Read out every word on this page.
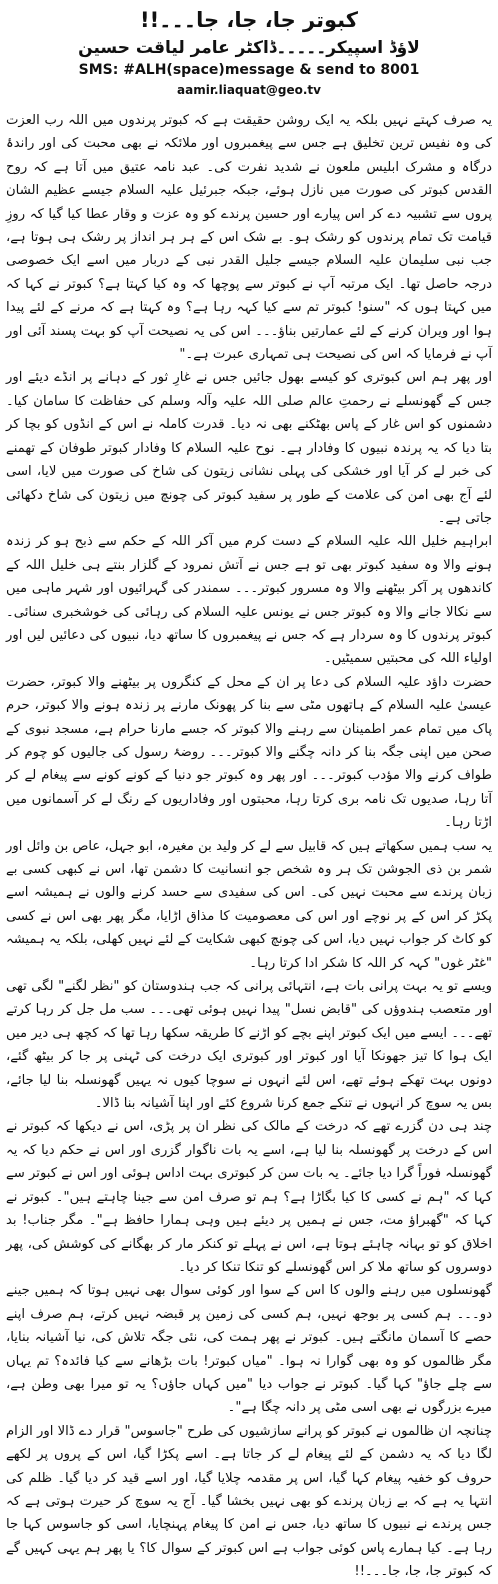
کبوتر جا، جا، جا۔۔۔!!
لاؤڈ اسپیکر۔۔۔۔۔ڈاکٹر عامر لیاقت حسین
SMS: #ALH(space)message & send to 8001
aamir.liaquat@geo.tv

یہ صرف کہتے نہیں بلکہ یہ ایک روشن حقیقت ہے کہ کبوتر پرندوں میں اللہ رب العزت کی وہ نفیس ترین تخلیق ہے جس سے پیغمبروں اور ملائکہ نے بھی محبت کی اور راندۂ درگاہ و مشرک ابلیس ملعون نے شدید نفرت کی۔ عبد نامہ عتیق میں آتا ہے کہ روح القدس کبوتر کی صورت میں نازل ہوئے، جبکہ جبرئیل علیہ السلام جیسے عظیم الشان پروں سے تشبیہ دے کر اس پیارے اور حسین پرندے کو وہ عزت و وقار عطا کیا گیا کہ روزِ قیامت تک تمام پرندوں کو رشک ہو۔ بے شک اس کے ہر ہر انداز پر رشک ہی ہوتا ہے، جب نبی سلیمان علیہ السلام جیسے جلیل القدر نبی کے دربار میں اسے ایک خصوصی درجہ حاصل تھا۔ ایک مرتبہ آپ نے کبوتر سے پوچھا کہ وہ کیا کہتا ہے؟ کبوتر نے کہا کہ میں کہتا ہوں کہ "سنو! کبوتر تم سے کیا کہہ رہا ہے؟ وہ کہتا ہے کہ مرنے کے لئے پیدا ہوا اور ویران کرنے کے لئے عمارتیں بناؤ۔۔۔ اس کی یہ نصیحت آپ کو بہت پسند آئی اور آپ نے فرمایا کہ اس کی نصیحت ہی تمہاری عبرت ہے۔"

اور پھر ہم اس کبوتری کو کیسے بھول جائیں جس نے غارِ ثور کے دہانے پر انڈے دیئے اور جس کے گھونسلے نے رحمتِ عالم صلی اللہ علیہ وآلہ وسلم کی حفاظت کا سامان کیا۔ دشمنوں کو اس غار کے پاس بھٹکنے بھی نہ دیا۔ قدرت کاملہ نے اس کے انڈوں کو بچا کر بتا دیا کہ یہ پرندہ نبیوں کا وفادار ہے۔ نوح علیہ السلام کا وفادار کبوتر طوفان کے تھمنے کی خبر لے کر آیا اور خشکی کی پہلی نشانی زیتون کی شاخ کی صورت میں لایا، اسی لئے آج بھی امن کی علامت کے طور پر سفید کبوتر کی چونچ میں زیتون کی شاخ دکھائی جاتی ہے۔

ابراہیم خلیل اللہ علیہ السلام کے دست کرم میں آکر اللہ کے حکم سے ذبح ہو کر زندہ ہونے والا وہ سفید کبوتر بھی تو ہے جس نے آتش نمرود کے گلزار بنتے ہی خلیل اللہ کے کاندھوں پر آکر بیٹھنے والا وہ مسرور کبوتر۔۔۔ سمندر کی گہرائیوں اور شہر ماہی میں سے نکالا جانے والا وہ کبوتر جس نے یونس علیہ السلام کی رہائی کی خوشخبری سنائی۔ کبوتر پرندوں کا وہ سردار ہے کہ جس نے پیغمبروں کا ساتھ دیا، نبیوں کی دعائیں لیں اور اولیاء اللہ کی محبتیں سمیٹیں۔

حضرت داؤد علیہ السلام کی دعا پر ان کے محل کے کنگروں پر بیٹھنے والا کبوتر، حضرت عیسیٰ علیہ السلام کے ہاتھوں مٹی سے بنا کر پھونک مارنے پر زندہ ہونے والا کبوتر، حرم پاک میں تمام عمر اطمینان سے رہنے والا کبوتر کہ جسے مارنا حرام ہے، مسجد نبوی کے صحن میں اپنی جگہ بنا کر دانہ چگنے والا کبوتر۔۔۔ روضۂ رسول کی جالیوں کو چوم کر طواف کرنے والا مؤدب کبوتر۔۔۔ اور پھر وہ کبوتر جو دنیا کے کونے کونے سے پیغام لے کر آتا رہا، صدیوں تک نامہ بری کرتا رہا، محبتوں اور وفاداریوں کے رنگ لے کر آسمانوں میں اڑتا رہا۔

یہ سب ہمیں سکھاتے ہیں کہ قابیل سے لے کر ولید بن مغیرہ، ابو جہل، عاص بن وائل اور شمر بن ذی الجوشن تک ہر وہ شخص جو انسانیت کا دشمن تھا، اس نے کبھی کسی بے زبان پرندے سے محبت نہیں کی۔ اس کی سفیدی سے حسد کرنے والوں نے ہمیشہ اسے پکڑ کر اس کے پر نوچے اور اس کی معصومیت کا مذاق اڑایا، مگر پھر بھی اس نے کسی کو کاٹ کر جواب نہیں دیا، اس کی چونچ کبھی شکایت کے لئے نہیں کھلی، بلکہ یہ ہمیشہ "غٹر غوں" کہہ کر اللہ کا شکر ادا کرتا رہا۔

ویسے تو یہ بہت پرانی بات ہے، انتہائی پرانی کہ جب ہندوستان کو "نظر لگنے" لگی تھی اور متعصب ہندوؤں کی "قابض نسل" پیدا نہیں ہوئی تھی۔۔۔ سب مل جل کر رہا کرتے تھے۔۔۔ ایسے میں ایک کبوتر اپنے بچے کو اڑنے کا طریقہ سکھا رہا تھا کہ کچھ ہی دیر میں ایک ہوا کا تیز جھونکا آیا اور کبوتر اور کبوتری ایک درخت کی ٹہنی پر جا کر بیٹھ گئے، دونوں بہت تھکے ہوئے تھے، اس لئے انہوں نے سوچا کیوں نہ یہیں گھونسلہ بنا لیا جائے، بس یہ سوچ کر انہوں نے تنکے جمع کرنا شروع کئے اور اپنا آشیانہ بنا ڈالا۔

چند ہی دن گزرے تھے کہ درخت کے مالک کی نظر ان پر پڑی، اس نے دیکھا کہ کبوتر نے اس کے درخت پر گھونسلہ بنا لیا ہے، اسے یہ بات ناگوار گزری اور اس نے حکم دیا کہ یہ گھونسلہ فوراً گرا دیا جائے۔ یہ بات سن کر کبوتری بہت اداس ہوئی اور اس نے کبوتر سے کہا کہ "ہم نے کسی کا کیا بگاڑا ہے؟ ہم تو صرف امن سے جینا چاہتے ہیں"۔ کبوتر نے کہا کہ "گھبراؤ مت، جس نے ہمیں پر دیئے ہیں وہی ہمارا حافظ ہے"۔ مگر جناب! بد اخلاق کو تو بہانہ چاہئے ہوتا ہے، اس نے پہلے تو کنکر مار کر بھگانے کی کوشش کی، پھر دوسروں کو ساتھ ملا کر اس گھونسلے کو تنکا تنکا کر دیا۔

گھونسلوں میں رہنے والوں کا اس کے سوا اور کوئی سوال بھی نہیں ہوتا کہ ہمیں جینے دو۔۔۔ ہم کسی پر بوجھ نہیں، ہم کسی کی زمین پر قبضہ نہیں کرتے، ہم صرف اپنے حصے کا آسمان مانگتے ہیں۔ کبوتر نے پھر ہمت کی، نئی جگہ تلاش کی، نیا آشیانہ بنایا، مگر ظالموں کو وہ بھی گوارا نہ ہوا۔ "میاں کبوتر! بات بڑھانے سے کیا فائدہ؟ تم یہاں سے چلے جاؤ" کہا گیا۔ کبوتر نے جواب دیا "میں کہاں جاؤں؟ یہ تو میرا بھی وطن ہے، میرے بزرگوں نے بھی اسی مٹی پر دانہ چگا ہے"۔

چنانچہ ان ظالموں نے کبوتر کو پرانے سازشیوں کی طرح "جاسوس" قرار دے ڈالا اور الزام لگا دیا کہ یہ دشمن کے لئے پیغام لے کر جاتا ہے۔ اسے پکڑا گیا، اس کے پروں پر لکھے حروف کو خفیہ پیغام کہا گیا، اس پر مقدمہ چلایا گیا، اور اسے قید کر دیا گیا۔ ظلم کی انتہا یہ ہے کہ بے زبان پرندے کو بھی نہیں بخشا گیا۔ آج یہ سوچ کر حیرت ہوتی ہے کہ جس پرندے نے نبیوں کا ساتھ دیا، جس نے امن کا پیغام پہنچایا، اسی کو جاسوس کہا جا رہا ہے۔ کیا ہمارے پاس کوئی جواب ہے اس کبوتر کے سوال کا؟ یا پھر ہم یہی کہیں گے کہ کبوتر جا، جا، جا۔۔۔!!
